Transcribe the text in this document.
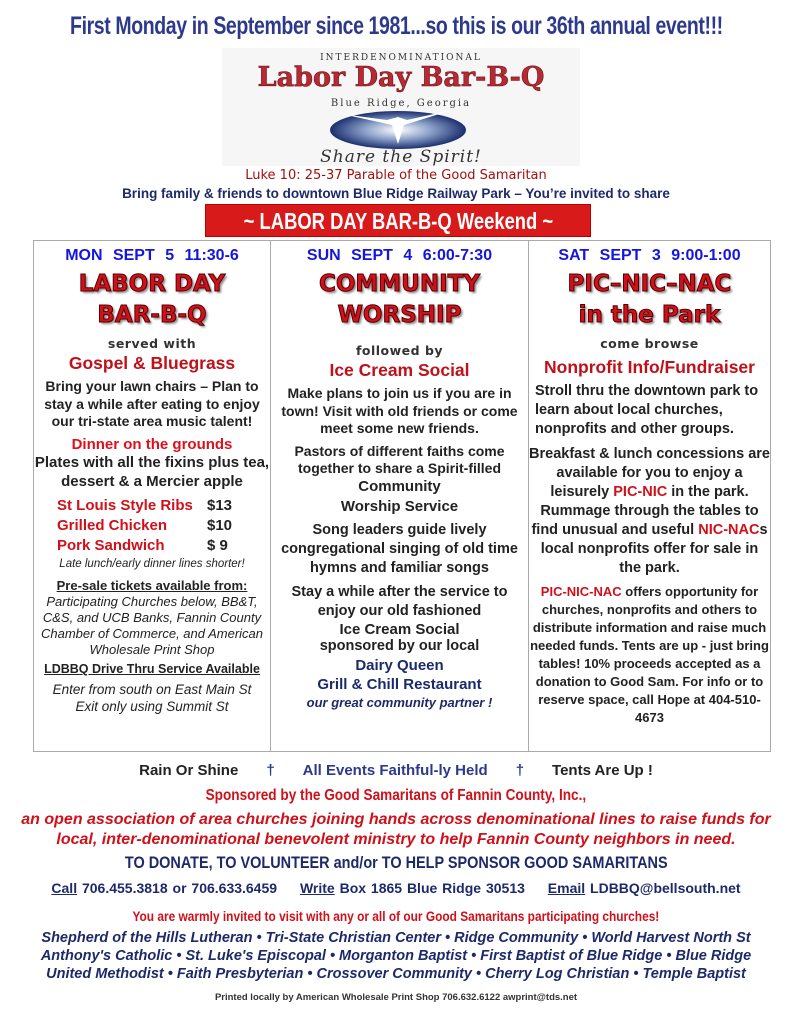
First Monday in September since 1981...so this is our 36th annual event!!!
INTERDENOMINATIONAL
Labor Day Bar-B-Q
Blue Ridge, Georgia
Share the Spirit!
Luke 10: 25-37 Parable of the Good Samaritan
Bring family & friends to downtown Blue Ridge Railway Park – You’re invited to share
~ LABOR DAY BAR-B-Q Weekend ~
MON SEPT 5 11:30-6
LABOR DAY
BAR-B-Q
served with
Gospel & Bluegrass
Bring your lawn chairs – Plan to stay a while after eating to enjoy our tri-state area music talent!
Dinner on the grounds
Plates with all the fixins plus tea, dessert & a Mercier apple
St Louis Style Ribs $13
Grilled Chicken	$10
Pork Sandwich	$ 9
Late lunch/early dinner lines shorter!
Pre-sale tickets available from:
Participating Churches below, BB&T, C&S, and UCB Banks, Fannin County Chamber of Commerce, and American Wholesale Print Shop
LDBBQ Drive Thru Service Available
Enter from south on East Main St
Exit only using Summit St
SUN SEPT 4 6:00-7:30
COMMUNITY
WORSHIP
followed by
Ice Cream Social
Make plans to join us if you are in town! Visit with old friends or come meet some new friends.
Pastors of different faiths come together to share a Spirit-filled
Community
Worship Service
Song leaders guide lively congregational singing of old time hymns and familiar songs
Stay a while after the service to enjoy our old fashioned
Ice Cream Social
sponsored by our local
Dairy Queen
Grill & Chill Restaurant
our great community partner !
SAT SEPT 3 9:00-1:00
PIC–NIC–NAC
in the Park
come browse
Nonprofit Info/Fundraiser
Stroll thru the downtown park to learn about local churches, nonprofits and other groups.
Breakfast & lunch concessions are available for you to enjoy a leisurely PIC-NIC in the park. Rummage through the tables to find unusual and useful NIC-NACs local nonprofits offer for sale in the park.
PIC-NIC-NAC offers opportunity for churches, nonprofits and others to distribute information and raise much needed funds. Tents are up - just bring tables! 10% proceeds accepted as a donation to Good Sam. For info or to reserve space, call Hope at 404-510-4673
Rain Or Shine † All Events Faithful-ly Held † Tents Are Up !
Sponsored by the Good Samaritans of Fannin County, Inc.,
an open association of area churches joining hands across denominational lines to raise funds for local, inter-denominational benevolent ministry to help Fannin County neighbors in need.
TO DONATE, TO VOLUNTEER and/or TO HELP SPONSOR GOOD SAMARITANS
Call 706.455.3818 or 706.633.6459 Write Box 1865 Blue Ridge 30513 Email LDBBQ@bellsouth.net
You are warmly invited to visit with any or all of our Good Samaritans participating churches!
Shepherd of the Hills Lutheran • Tri-State Christian Center • Ridge Community • World Harvest North St Anthony's Catholic • St. Luke's Episcopal • Morganton Baptist • First Baptist of Blue Ridge • Blue Ridge United Methodist • Faith Presbyterian • Crossover Community • Cherry Log Christian • Temple Baptist
Printed locally by American Wholesale Print Shop 706.632.6122 awprint@tds.net
